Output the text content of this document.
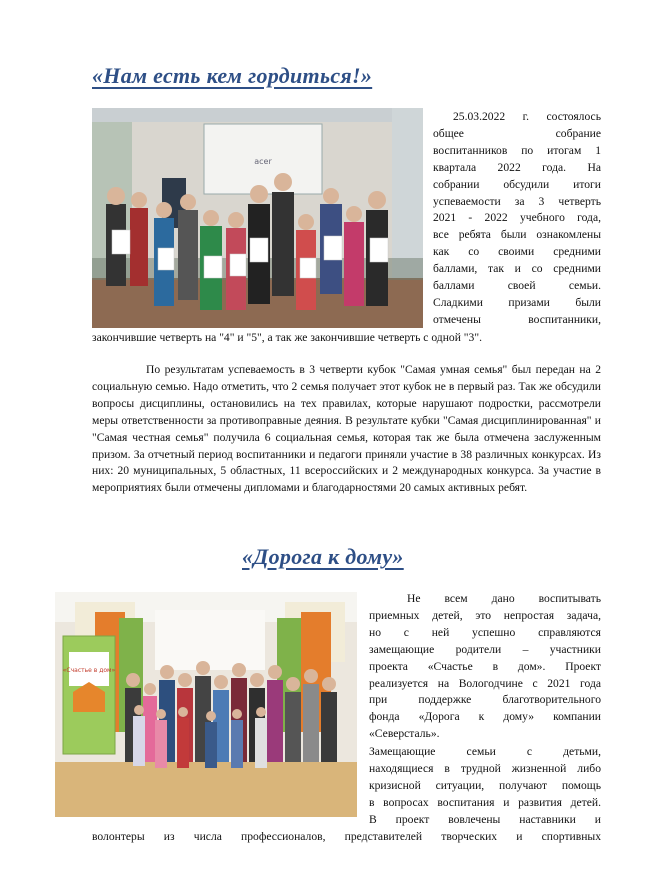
«Нам есть кем гордиться!»
acer
25.03.2022 г. состоялось
общее собрание
воспитанников по итогам 1
квартала 2022 года. На
собрании обсудили итоги
успеваемости за 3 четверть
2021 - 2022 учебного года,
все ребята были ознакомлены
как со своими средними
баллами, так и со средними
баллами своей семьи.
Сладкими призами были
отмечены воспитанники,

закончившие четверть на "4" и "5", а так же закончившие четверть с одной "3".

По результатам успеваемость в 3 четверти кубок "Самая умная семья" был передан на 2 социальную семью. Надо отметить, что 2 семья получает этот кубок не в первый раз. Так же обсудили вопросы дисциплины, остановились на тех правилах, которые нарушают подростки, рассмотрели меры ответственности за противоправные деяния. В результате кубки "Самая дисциплинированная" и "Самая честная семья" получила 6 социальная семья, которая так же была отмечена заслуженным призом. За отчетный период воспитанники и педагоги приняли участие в 38 различных конкурсах. Из них: 20 муниципальных, 5 областных, 11 всероссийских и 2 международных конкурса. За участие в мероприятиях были отмечены дипломами и благодарностями 20 самых активных ребят.

«Дорога к дому»
«Счастье в дом»
Не всем дано воспитывать
приемных детей, это непростая задача,
но с ней успешно справляются
замещающие родители – участники
проекта «Счастье в дом». Проект
реализуется на Вологодчине с 2021 года
при поддержке благотворительного
фонда «Дорога к дому» компании
«Северсталь».
Замещающие семьи с детьми,
находящиеся в трудной жизненной либо
кризисной ситуации, получают помощь
в вопросах воспитания и развития детей.
В проект вовлечены наставники и

волонтеры из числа профессионалов, представителей творческих и спортивных
